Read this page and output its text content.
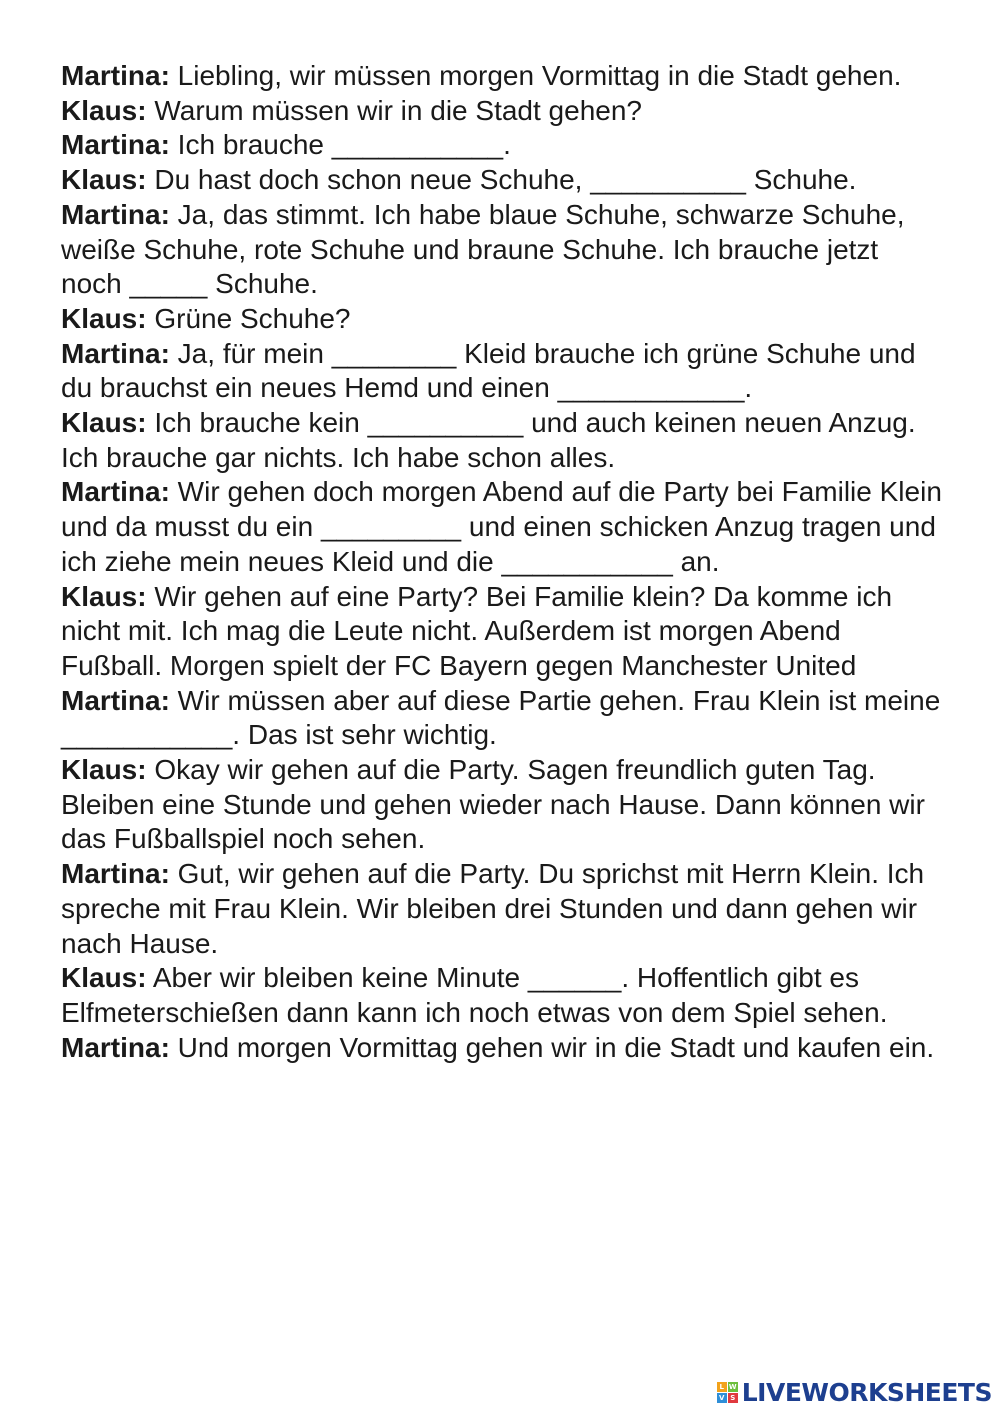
Martina: Liebling, wir müssen morgen Vormittag in die Stadt gehen.

Klaus: Warum müssen wir in die Stadt gehen?

Martina: Ich brauche ___________.

Klaus: Du hast doch schon neue Schuhe, __________ Schuhe.

Martina: Ja, das stimmt. Ich habe blaue Schuhe, schwarze Schuhe, weiße Schuhe, rote Schuhe und braune Schuhe. Ich brauche jetzt noch _____ Schuhe.

Klaus: Grüne Schuhe?

Martina: Ja, für mein ________ Kleid brauche ich grüne Schuhe und du brauchst ein neues Hemd und einen ____________.

Klaus: Ich brauche kein __________ und auch keinen neuen Anzug. Ich brauche gar nichts. Ich habe schon alles.

Martina: Wir gehen doch morgen Abend auf die Party bei Familie Klein und da musst du ein _________ und einen schicken Anzug tragen und ich ziehe mein neues Kleid und die ___________ an.

Klaus: Wir gehen auf eine Party? Bei Familie klein? Da komme ich nicht mit. Ich mag die Leute nicht. Außerdem ist morgen Abend Fußball. Morgen spielt der FC Bayern gegen Manchester United

Martina: Wir müssen aber auf diese Partie gehen. Frau Klein ist meine ___________. Das ist sehr wichtig.

Klaus: Okay wir gehen auf die Party. Sagen freundlich guten Tag. Bleiben eine Stunde und gehen wieder nach Hause. Dann können wir das Fußballspiel noch sehen.

Martina: Gut, wir gehen auf die Party. Du sprichst mit Herrn Klein. Ich spreche mit Frau Klein. Wir bleiben drei Stunden und dann gehen wir nach Hause.

Klaus: Aber wir bleiben keine Minute ______. Hoffentlich gibt es Elfmeterschießen dann kann ich noch etwas von dem Spiel sehen.

Martina: Und morgen Vormittag gehen wir in die Stadt und kaufen ein.

L W
V S LIVEWORKSHEETS
